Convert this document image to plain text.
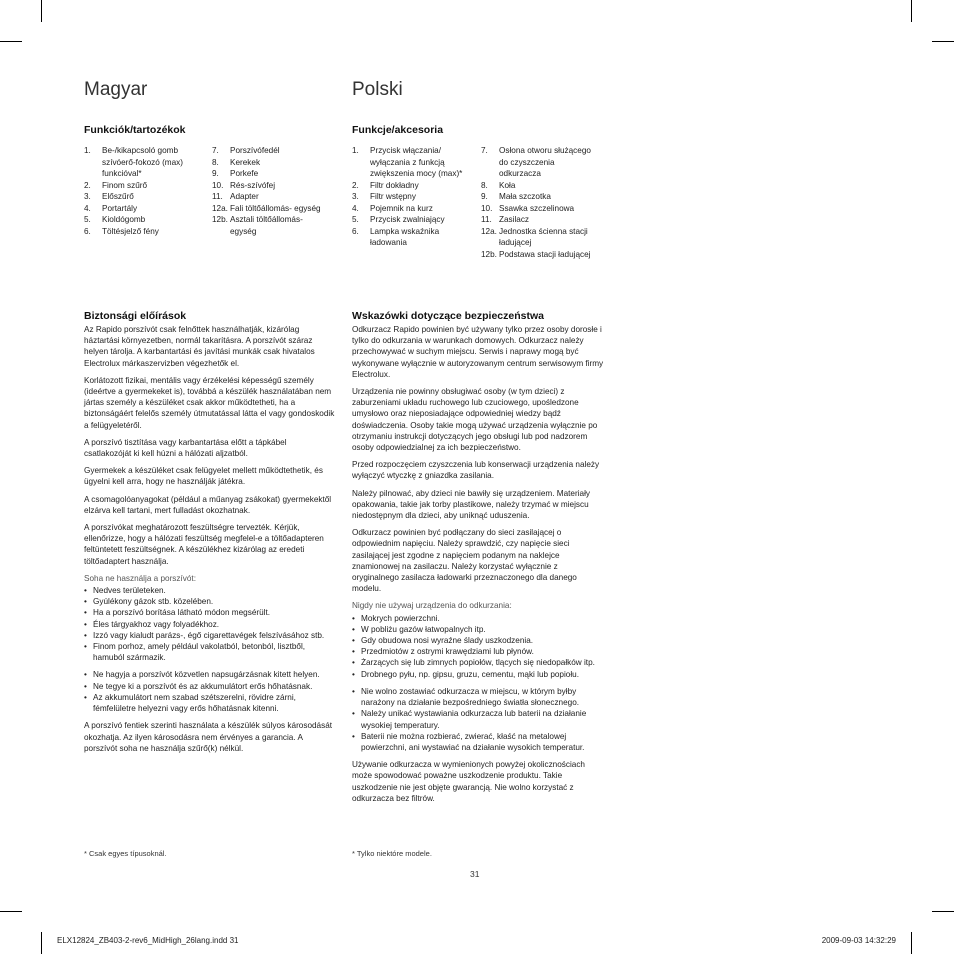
Magyar
Funkciók/tartozékok
1.	Be-/kikapcsoló gomb szívóerő-fokozó (max) funkcióval*
2.	Finom szűrő
3.	Előszűrő
4.	Portartály
5.	Kioldógomb
6.	Töltésjelző fény
7.	Porszívófedél
8.	Kerekek
9.	Porkefe
10. Rés-szívófej
11. Adapter
12a. Fali töltőállomás- egység
12b. Asztali töltőállomás- egység
Biztonsági előírások

Az Rapido porszívót csak felnőttek használhatják, kizárólag háztartási környezetben, normál takarításra. A porszívót száraz helyen tárolja. A karbantartási és javítási munkák csak hivatalos Electrolux márkaszervizben végezhetők el.

Korlátozott fizikai, mentális vagy érzékelési képességű személy (ideértve a gyermekeket is), továbbá a készülék használatában nem jártas személy a készüléket csak akkor működtetheti, ha a biztonságáért felelős személy útmutatással látta el vagy gondoskodik a felügyeletéről.

A porszívó tisztítása vagy karbantartása előtt a tápkábel csatlakozóját ki kell húzni a hálózati aljzatból.

Gyermekek a készüléket csak felügyelet mellett működtethetik, és ügyelni kell arra, hogy ne használják játékra.

A csomagolóanyagokat (például a műanyag zsákokat) gyermekektől elzárva kell tartani, mert fulladást okozhatnak.

A porszívókat meghatározott feszültségre tervezték. Kérjük, ellenőrizze, hogy a hálózati feszültség megfelel-e a töltőadapteren feltüntetett feszültségnek. A készülékhez kizárólag az eredeti töltőadaptert használja.

Soha ne használja a porszívót:

• Nedves területeken.
• Gyúlékony gázok stb. közelében.
• Ha a porszívó borítása látható módon megsérült.
• Éles tárgyakhoz vagy folyadékhoz.
• Izzó vagy kialudt parázs-, égő cigarettavégek felszívásához stb.
• Finom porhoz, amely például vakolatból, betonból, lisztből, hamuból származik.
• Ne hagyja a porszívót közvetlen napsugárzásnak kitett helyen.
• Ne tegye ki a porszívót és az akkumulátort erős hőhatásnak.
• Az akkumulátort nem szabad szétszerelni, rövidre zárni, fémfelületre helyezni vagy erős hőhatásnak kitenni.

A porszívó fentiek szerinti használata a készülék súlyos károsodását okozhatja. Az ilyen károsodásra nem érvényes a garancia. A porszívót soha ne használja szűrő(k) nélkül.

* Csak egyes típusoknál.
Polski
Funkcje/akcesoria
1.	Przycisk włączania/ wyłączania z funkcją zwiększenia mocy (max)*
2.	Filtr dokładny
3.	Filtr wstępny
4.	Pojemnik na kurz
5.	Przycisk zwalniający
6.	Lampka wskaźnika ładowania
7.	Osłona otworu służącego do czyszczenia odkurzacza
8.	Koła
9.	Mała szczotka
10. Ssawka szczelinowa
11. Zasilacz
12a. Jednostka ścienna stacji ładującej
12b. Podstawa stacji ładującej
Wskazówki dotyczące bezpieczeństwa

Odkurzacz Rapido powinien być używany tylko przez osoby dorosłe i tylko do odkurzania w warunkach domowych. Odkurzacz należy przechowywać w suchym miejscu. Serwis i naprawy mogą być wykonywane wyłącznie w autoryzowanym centrum serwisowym firmy Electrolux.

Urządzenia nie powinny obsługiwać osoby (w tym dzieci) z zaburzeniami układu ruchowego lub czuciowego, upośledzone umysłowo oraz nieposiadające odpowiedniej wiedzy bądź doświadczenia. Osoby takie mogą używać urządzenia wyłącznie po otrzymaniu instrukcji dotyczących jego obsługi lub pod nadzorem osoby odpowiedzialnej za ich bezpieczeństwo.

Przed rozpoczęciem czyszczenia lub konserwacji urządzenia należy wyłączyć wtyczkę z gniazdka zasilania.

Należy pilnować, aby dzieci nie bawiły się urządzeniem. Materiały opakowania, takie jak torby plastikowe, należy trzymać w miejscu niedostępnym dla dzieci, aby uniknąć uduszenia.

Odkurzacz powinien być podłączany do sieci zasilającej o odpowiednim napięciu. Należy sprawdzić, czy napięcie sieci zasilającej jest zgodne z napięciem podanym na naklejce znamionowej na zasilaczu. Należy korzystać wyłącznie z oryginalnego zasilacza ładowarki przeznaczonego dla danego modelu.

Nigdy nie używaj urządzenia do odkurzania:

• Mokrych powierzchni.
• W pobliżu gazów łatwopalnych itp.
• Gdy obudowa nosi wyraźne ślady uszkodzenia.
• Przedmiotów z ostrymi krawędziami lub płynów.
• Żarzących się lub zimnych popiołów, tlących się niedopałków itp.
• Drobnego pyłu, np. gipsu, gruzu, cementu, mąki lub popiołu.
• Nie wolno zostawiać odkurzacza w miejscu, w którym byłby narażony na działanie bezpośredniego światła słonecznego.
• Należy unikać wystawiania odkurzacza lub baterii na działanie wysokiej temperatury.
• Baterii nie można rozbierać, zwierać, kłaść na metalowej powierzchni, ani wystawiać na działanie wysokich temperatur.

Używanie odkurzacza w wymienionych powyżej okolicznościach może spowodować poważne uszkodzenie produktu. Takie uszkodzenie nie jest objęte gwarancją. Nie wolno korzystać z odkurzacza bez filtrów.

* Tylko niektóre modele.
31
ELX12824_ZB403-2-rev6_MidHigh_26lang.indd 31	2009-09-03 14:32:29
